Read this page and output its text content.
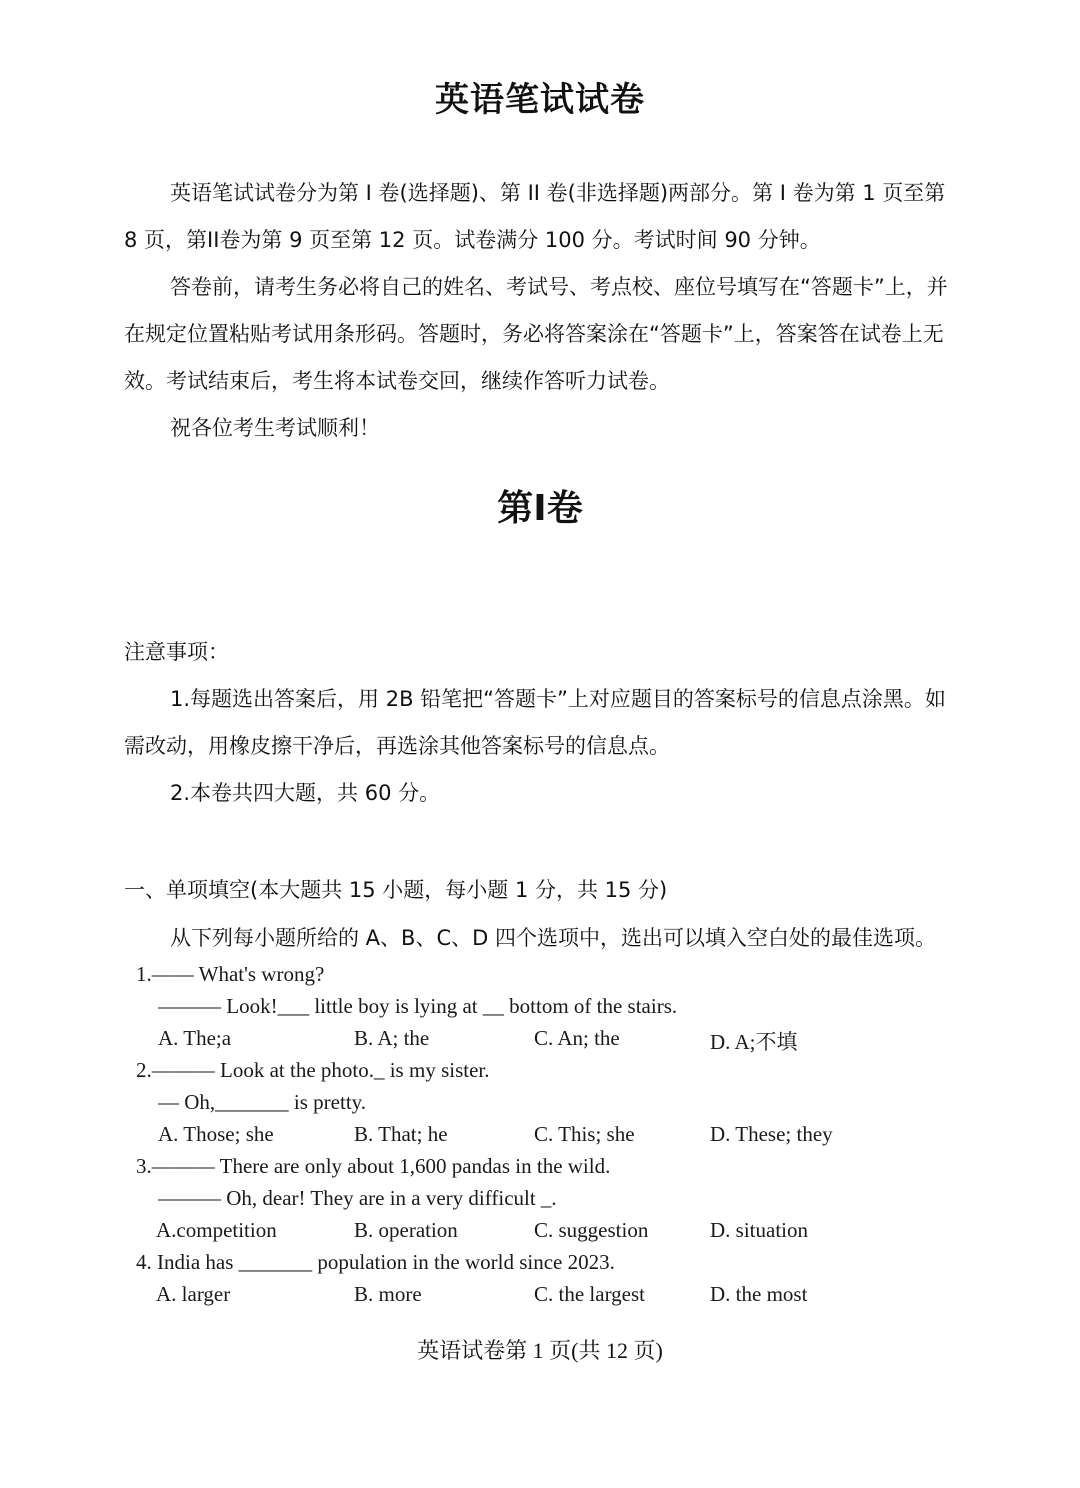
英语笔试试卷

英语笔试试卷分为第 I 卷(选择题)、第 II 卷(非选择题)两部分。第 I 卷为第 1 页至第 8 页，第II卷为第 9 页至第 12 页。试卷满分 100 分。考试时间 90 分钟。

答卷前，请考生务必将自己的姓名、考试号、考点校、座位号填写在“答题卡”上，并在规定位置粘贴考试用条形码。答题时，务必将答案涂在“答题卡”上，答案答在试卷上无效。考试结束后，考生将本试卷交回，继续作答听力试卷。

祝各位考生考试顺利！

第I卷
注意事项：

1.每题选出答案后，用 2B 铅笔把“答题卡”上对应题目的答案标号的信息点涂黑。如需改动，用橡皮擦干净后，再选涂其他答案标号的信息点。

2.本卷共四大题，共 60 分。

一、单项填空(本大题共 15 小题，每小题 1 分，共 15 分)
从下列每小题所给的 A、B、C、D 四个选项中，选出可以填入空白处的最佳选项。
1.—— What's wrong?
——— Look!___ little boy is lying at __ bottom of the stairs.
A. The;a	B. A; the	C. An; the	D. A;不填
2.——— Look at the photo._ is my sister.
— Oh,_______ is pretty.
A. Those; she	B. That; he	C. This; she	D. These; they
3.——— There are only about 1,600 pandas in the wild.
——— Oh, dear! They are in a very difficult _.
A.competition	B. operation	C. suggestion	D. situation
4. India has _______ population in the world since 2023.
A. larger	B. more	C. the largest	D. the most
英语试卷第 1 页(共 12 页)
